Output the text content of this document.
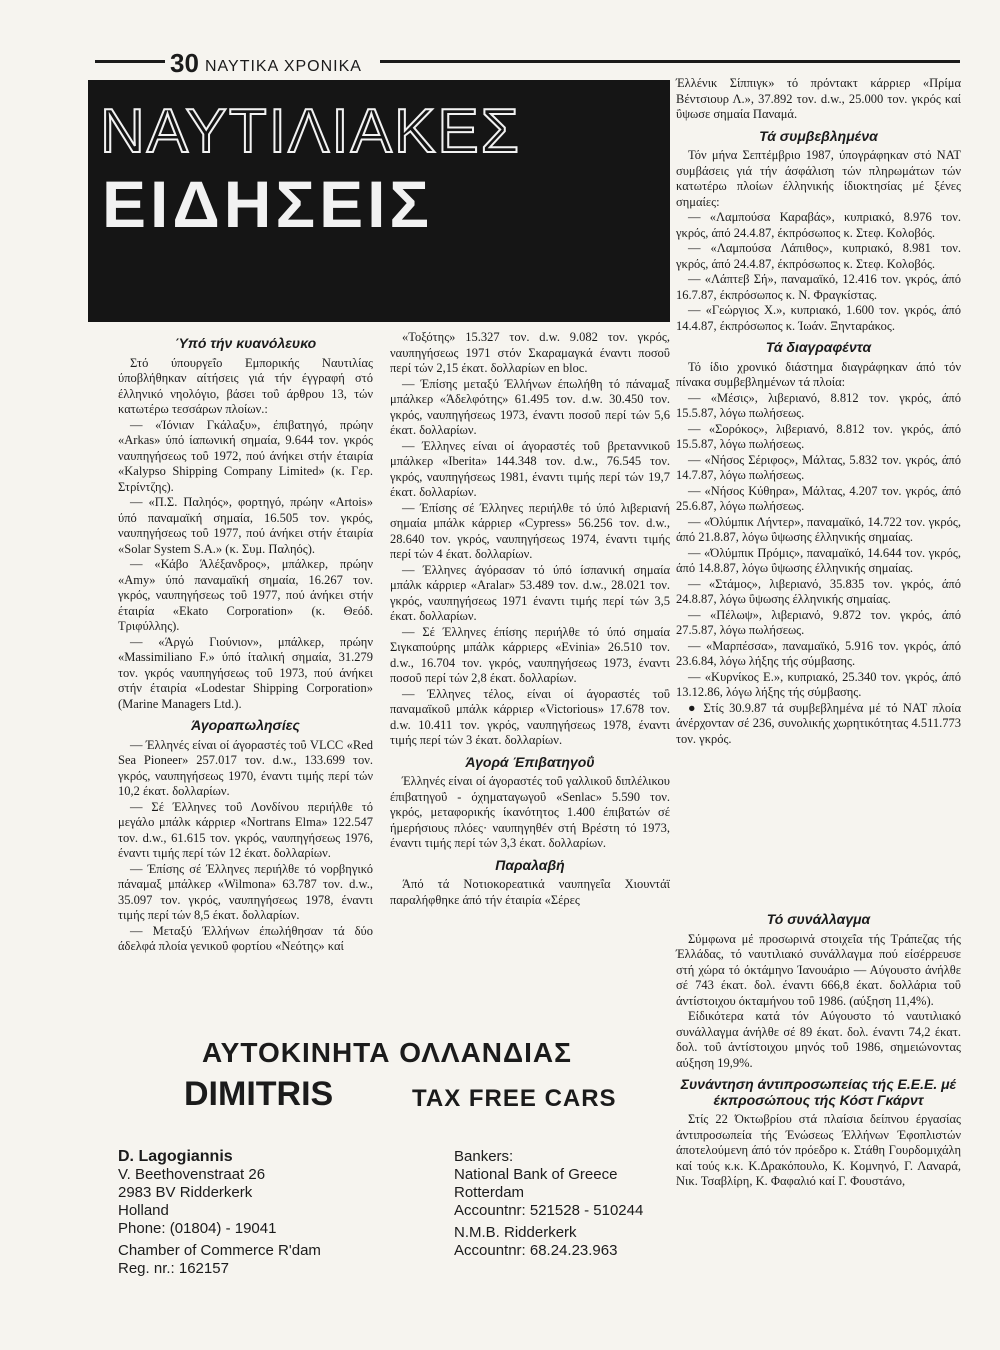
30 ΝΑΥΤΙΚΑ ΧΡΟΝΙΚΑ
ΝΑΥΤΙΛΙΑΚΕΣ
ΕΙΔΗΣΕΙΣ
Ύπό τήν κυανόλευκο

Στό ύπουργεΐο Εμπορικής Ναυτιλίας ύποβλήθηκαν αίτήσεις γιά τήν έγγραφή στό έλληνικό νηολόγιο, βάσει τοΰ άρθρου 13, τών κατωτέρω τεσσάρων πλοίων.:

— «Ίόνιαν Γκάλαξυ», έπιβατηγό, πρώην «Arkas» ύπό ίαπωνική σημαία, 9.644 τον. γκρός ναυπηγήσεως τοΰ 1972, πού άνήκει στήν έταιρία «Kalypso Shipping Company Limited» (κ. Γερ. Στρίντζης).

— «Π.Σ. Παληός», φορτηγό, πρώην «Artois» ύπό παναμαϊκή σημαία, 16.505 τον. γκρός, ναυπηγήσεως τοΰ 1977, πού άνήκει στήν έταιρία «Solar System S.A.» (κ. Συμ. Παληός).

— «Κάβο Άλέξανδρος», μπάλκερ, πρώην «Amy» ύπό παναμαϊκή σημαία, 16.267 τον. γκρός, ναυπηγήσεως τοΰ 1977, πού άνήκει στήν έταιρία «Ekato Corporation» (κ. Θεόδ. Τριφύλλης).

— «Άργώ Γιούνιον», μπάλκερ, πρώην «Massimiliano F.» ύπό ίταλική σημαία, 31.279 τον. γκρός ναυπηγήσεως τοΰ 1973, πού άνήκει στήν έταιρία «Lodestar Shipping Corporation» (Marine Managers Ltd.).

Άγοραπωλησίες

— Έλληνές είναι οί άγοραστές τοΰ VLCC «Red Sea Pioneer» 257.017 τον. d.w., 133.699 τον. γκρός, ναυπηγήσεως 1970, έναντι τιμής περί τών 10,2 έκατ. δολλαρίων.

— Σέ Έλληνες τοΰ Λονδίνου περιήλθε τό μεγάλο μπάλκ κάρριερ «Nortrans Elma» 122.547 τον. d.w., 61.615 τον. γκρός, ναυπηγήσεως 1976, έναντι τιμής περί τών 12 έκατ. δολλαρίων.

— Έπίσης σέ Έλληνες περιήλθε τό νορβηγικό πάναμαξ μπάλκερ «Wilmona» 63.787 τον. d.w., 35.097 τον. γκρός, ναυπηγήσεως 1978, έναντι τιμής περί τών 8,5 έκατ. δολλαρίων.

— Μεταξύ Έλλήνων έπωλήθησαν τά δύο άδελφά πλοία γενικοΰ φορτίου «Νεότης» καί

«Τοξότης» 15.327 τον. d.w. 9.082 τον. γκρός, ναυπηγήσεως 1971 στόν Σκαραμαγκά έναντι ποσοΰ περί τών 2,15 έκατ. δολλαρίων en bloc.

— Έπίσης μεταξύ Έλλήνων έπωλήθη τό πάναμαξ μπάλκερ «Άδελφότης» 61.495 τον. d.w. 30.450 τον. γκρός, ναυπηγήσεως 1973, έναντι ποσοΰ περί τών 5,6 έκατ. δολλαρίων.

— Έλληνες είναι οί άγοραστές τοΰ βρεταννικοΰ μπάλκερ «Iberita» 144.348 τον. d.w., 76.545 τον. γκρός, ναυπηγήσεως 1981, έναντι τιμής περί τών 19,7 έκατ. δολλαρίων.

— Έπίσης σέ Έλληνες περιήλθε τό ύπό λιβεριανή σημαία μπάλκ κάρριερ «Cypress» 56.256 τον. d.w., 28.640 τον. γκρός, ναυπηγήσεως 1974, έναντι τιμής περί τών 4 έκατ. δολλαρίων.

— Έλληνες άγόρασαν τό ύπό ίσπανική σημαία μπάλκ κάρριερ «Aralar» 53.489 τον. d.w., 28.021 τον. γκρός, ναυπηγήσεως 1971 έναντι τιμής περί τών 3,5 έκατ. δολλαρίων.

— Σέ Έλληνες έπίσης περιήλθε τό ύπό σημαία Σιγκαπούρης μπάλκ κάρριερς «Evinia» 26.510 τον. d.w., 16.704 τον. γκρός, ναυπηγήσεως 1973, έναντι ποσοΰ περί τών 2,8 έκατ. δολλαρίων.

— Έλληνες τέλος, είναι οί άγοραστές τοΰ παναμαϊκοΰ μπάλκ κάρριερ «Victorious» 17.678 τον. d.w. 10.411 τον. γκρός, ναυπηγήσεως 1978, έναντι τιμής περί τών 3 έκατ. δολλαρίων.

Άγορά Έπιβατηγοΰ

Έλληνές είναι οί άγοραστές τοΰ γαλλικοΰ διπλέλικου έπιβατηγοΰ - όχηματαγωγοΰ «Senlac» 5.590 τον. γκρός, μεταφορικής ίκανότητος 1.400 έπιβατών σέ ήμερήσιους πλόες· ναυπηγηθέν στή Βρέστη τό 1973, έναντι τιμής περί τών 3,3 έκατ. δολλαρίων.

Παραλαβή

Άπό τά Νοτιοκορεατικά ναυπηγεΐα Χιουντάϊ παραλήφθηκε άπό τήν έταιρία «Σέρες

Έλλένικ Σίππιγκ» τό πρόντακτ κάρριερ «Πρίμα Βέντσιουρ Λ.», 37.892 τον. d.w., 25.000 τον. γκρός καί ΰψωσε σημαία Παναμά.

Τά συμβεβλημένα

Τόν μήνα Σεπτέμβριο 1987, ύπογράφηκαν στό ΝΑΤ συμβάσεις γιά τήν άσφάλιση τών πληρωμάτων τών κατωτέρω πλοίων έλληνικής ίδιοκτησίας μέ ξένες σημαίες:

— «Λαμπούσα Καραβάς», κυπριακό, 8.976 τον. γκρός, άπό 24.4.87, έκπρόσωπος κ. Στεφ. Κολοβός.

— «Λαμπούσα Λάπιθος», κυπριακό, 8.981 τον. γκρός, άπό 24.4.87, έκπρόσωπος κ. Στεφ. Κολοβός.

— «Λάπτεβ Σή», παναμαϊκό, 12.416 τον. γκρός, άπό 16.7.87, έκπρόσωπος κ. Ν. Φραγκίστας.

— «Γεώργιος Χ.», κυπριακό, 1.600 τον. γκρός, άπό 14.4.87, έκπρόσωπος κ. Ίωάν. Ξηνταράκος.

Τά διαγραφέντα

Τό ίδιο χρονικό διάστημα διαγράφηκαν άπό τόν πίνακα συμβεβλημένων τά πλοία:

— «Μέσις», λιβεριανό, 8.812 τον. γκρός, άπό 15.5.87, λόγω πωλήσεως.

— «Σορόκος», λιβεριανό, 8.812 τον. γκρός, άπό 15.5.87, λόγω πωλήσεως.

— «Νήσος Σέριφος», Μάλτας, 5.832 τον. γκρός, άπό 14.7.87, λόγω πωλήσεως.

— «Νήσος Κύθηρα», Μάλτας, 4.207 τον. γκρός, άπό 25.6.87, λόγω πωλήσεως.

— «Όλύμπικ Λήντερ», παναμαϊκό, 14.722 τον. γκρός, άπό 21.8.87, λόγω ΰψωσης έλληνικής σημαίας.

— «Όλύμπικ Πρόμις», παναμαϊκό, 14.644 τον. γκρός, άπό 14.8.87, λόγω ΰψωσης έλληνικής σημαίας.

— «Στάμος», λιβεριανό, 35.835 τον. γκρός, άπό 24.8.87, λόγω ΰψωσης έλληνικής σημαίας.

— «Πέλωψ», λιβεριανό, 9.872 τον. γκρός, άπό 27.5.87, λόγω πωλήσεως.

— «Μαρπέσσα», παναμαϊκό, 5.916 τον. γκρός, άπό 23.6.84, λόγω λήξης τής σύμβασης.

— «Κυρνίκος Ε.», κυπριακό, 25.340 τον. γκρός, άπό 13.12.86, λόγω λήξης τής σύμβασης.

● Στίς 30.9.87 τά συμβεβλημένα μέ τό ΝΑΤ πλοία άνέρχονταν σέ 236, συνολικής χωρητικότητας 4.511.773 τον. γκρός.

Τό συνάλλαγμα

Σύμφωνα μέ προσωρινά στοιχεΐα τής Τράπεζας τής Έλλάδας, τό ναυτιλιακό συνάλλαγμα πού είσέρρευσε στή χώρα τό όκτάμηνο Ίανουάριο — Αύγουστο άνήλθε σέ 743 έκατ. δολ. έναντι 666,8 έκατ. δολλάρια τοΰ άντίστοιχου όκταμήνου τοΰ 1986. (αύξηση 11,4%).

Είδικότερα κατά τόν Αύγουστο τό ναυτιλιακό συνάλλαγμα άνήλθε σέ 89 έκατ. δολ. έναντι 74,2 έκατ. δολ. τοΰ άντίστοιχου μηνός τοΰ 1986, σημειώνοντας αύξηση 19,9%.

Συνάντηση άντιπροσωπείας τής Ε.Ε.Ε. μέ έκπροσώπους τής Κόστ Γκάρντ

Στίς 22 Όκτωβρίου στά πλαίσια δείπνου έργασίας άντιπροσωπεία τής Ένώσεως Έλλήνων Έφοπλιστών άποτελούμενη άπό τόν πρόεδρο κ. Στάθη Γουρδομιχάλη καί τούς κ.κ. Κ.Δρακόπουλο, Κ. Κομνηνό, Γ. Λαναρά, Νικ. Τσαβλίρη, Κ. Φαφαλιό καί Γ. Φουστάνο,

ΑΥΤΟΚΙΝΗΤΑ ΟΛΛΑΝΔΙΑΣ
DIMITRIS	TAX FREE CARS
D. Lagogiannis
V. Beethovenstraat 26
2983 BV Ridderkerk
Holland
Phone: (01804) - 19041
Chamber of Commerce R'dam
Reg. nr.: 162157
Bankers:
National Bank of Greece
Rotterdam
Accountnr: 521528 - 510244
N.M.B. Ridderkerk
Accountnr: 68.24.23.963
